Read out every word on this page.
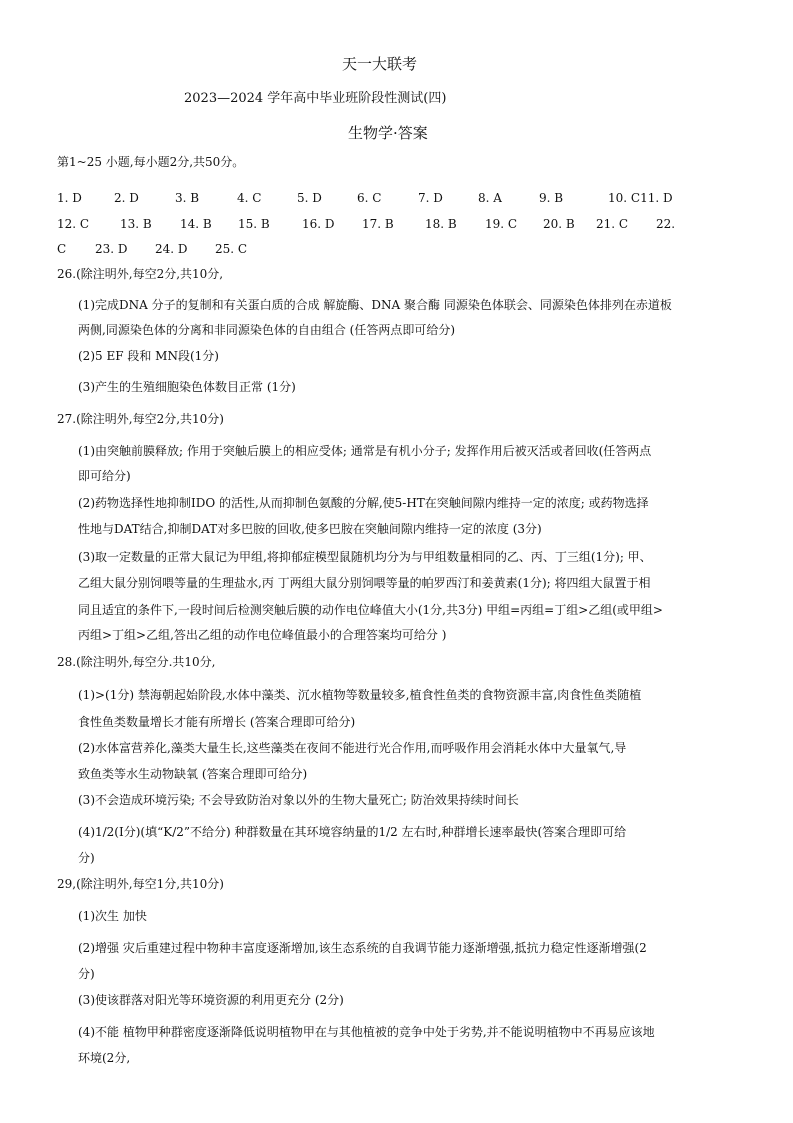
天一大联考
2023—2024 学年高中毕业班阶段性测试(四)
生物学·答案
第1~25 小题,每小题2分,共50分。
1. D	2. D	3. B	4. C	5. D	6. C	7. D	8. A	9. B	10. C11. D
12. C	13. B 14. B 15. B	16. D 17. B	18. B 19. C 20. B 21. C 22.
C 23. D 24. D 25. C
26.(除注明外,每空2分,共10分,
(1)完成DNA 分子的复制和有关蛋白质的合成 解旋酶、DNA 聚合酶 同源染色体联会、同源染色体排列在赤道板
两侧,同源染色体的分离和非同源染色体的自由组合 (任答两点即可给分)
(2)5 EF 段和 MN段(1分)
(3)产生的生殖细胞染色体数目正常 (1分)
27.(除注明外,每空2分,共10分)
(1)由突触前膜释放; 作用于突触后膜上的相应受体; 通常是有机小分子; 发挥作用后被灭活或者回收(任答两点
即可给分)
(2)药物选择性地抑制IDO 的活性,从而抑制色氨酸的分解,使5-HT在突触间隙内维持一定的浓度; 或药物选择
性地与DAT结合,抑制DAT对多巴胺的回收,使多巴胺在突触间隙内维持一定的浓度 (3分)
(3)取一定数量的正常大鼠记为甲组,将抑郁症模型鼠随机均分为与甲组数量相同的乙、丙、丁三组(1分); 甲、
乙组大鼠分别饲喂等量的生理盐水,丙 丁两组大鼠分别饲喂等量的帕罗西汀和姜黄素(1分); 将四组大鼠置于相
同且适宜的条件下,一段时间后检测突触后膜的动作电位峰值大小(1分,共3分) 甲组=丙组=丁组>乙组(或甲组>
丙组>丁组>乙组,答出乙组的动作电位峰值最小的合理答案均可给分 )
28.(除注明外,每空分.共10分,
(1)>(1分) 禁海朝起始阶段,水体中藻类、沉水植物等数量较多,植食性鱼类的食物资源丰富,肉食性鱼类随植
食性鱼类数量增长才能有所增长 (答案合理即可给分)
(2)水体富营养化,藻类大量生长,这些藻类在夜间不能进行光合作用,而呼吸作用会消耗水体中大量氧气,导
致鱼类等水生动物缺氧 (答案合理即可给分)
(3)不会造成环境污染; 不会导致防治对象以外的生物大量死亡; 防治效果持续时间长
(4)1/2(Ⅰ分)(填“K/2”不给分) 种群数量在其环境容纳量的1/2 左右时,种群增长速率最快(答案合理即可给
分)
29,(除注明外,每空1分,共10分)
(1)次生 加快
(2)增强 灾后重建过程中物种丰富度逐渐增加,该生态系统的自我调节能力逐渐增强,抵抗力稳定性逐渐增强(2
分)
(3)使该群落对阳光等环境资源的利用更充分 (2分)
(4)不能 植物甲种群密度逐渐降低说明植物甲在与其他植被的竞争中处于劣势,并不能说明植物中不再易应该地
环境(2分,
